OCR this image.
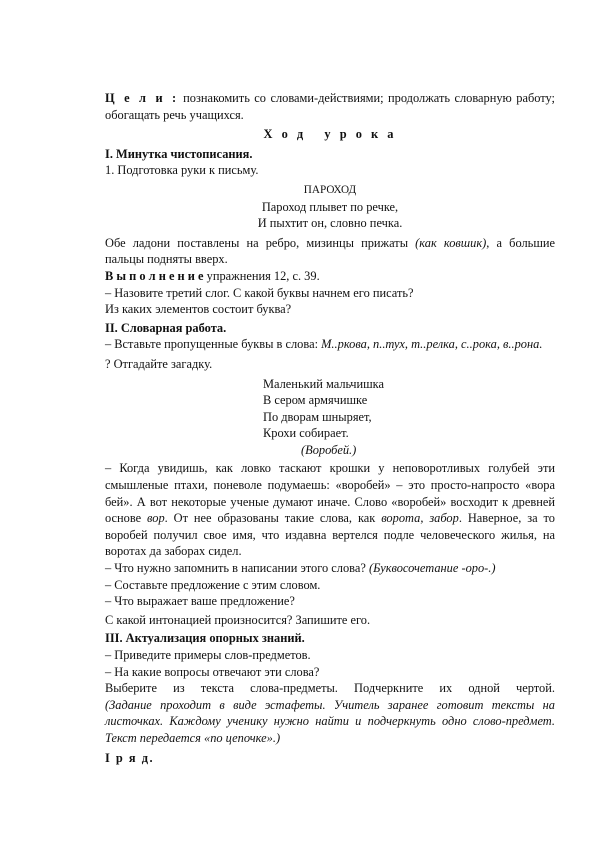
Ц е л и : познакомить со словами-действиями; продолжать словарную работу; обогащать речь учащихся.

Х о д   у р о к а

I. Минутка чистописания.

1. Подготовка руки к письму.

ПАРОХОД

Пароход плывет по речке,

И пыхтит он, словно печка.

Обе ладони поставлены на ребро, мизинцы прижаты (как ковшик), а большие пальцы подняты вверх.

В ы п о л н е н и е упражнения 12, с. 39.

– Назовите третий слог. С какой буквы начнем его писать?

Из каких элементов состоит буква?

II. Словарная работа.

– Вставьте пропущенные буквы в слова: М..ркова, п..тух, т..релка, с..рока, в..рона.

? Отгадайте загадку.

Маленький мальчишка

В сером армячишке

По дворам шныряет,

Крохи собирает.

(Воробей.)

– Когда увидишь, как ловко таскают крошки у неповоротливых голубей эти смышленые птахи, поневоле подумаешь: «воробей» – это просто-напросто «вора бей». А вот некоторые ученые думают иначе. Слово «воробей» восходит к древней основе вор. От нее образованы такие слова, как ворота, забор. Наверное, за то воробей получил свое имя, что издавна вертелся подле человеческого жилья, на воротах да заборах сидел.

– Что нужно запомнить в написании этого слова? (Буквосочетание -оро-.)

– Составьте предложение с этим словом.

– Что выражает ваше предложение?

С какой интонацией произносится? Запишите его.

III. Актуализация опорных знаний.

– Приведите примеры слов-предметов.

– На какие вопросы отвечают эти слова?

Выберите из текста слова-предметы. Подчеркните их одной чертой.

(Задание проходит в виде эстафеты. Учитель заранее готовит тексты на листочках. Каждому ученику нужно найти и подчеркнуть одно слово-предмет. Текст передается «по цепочке».)

I р я д.
